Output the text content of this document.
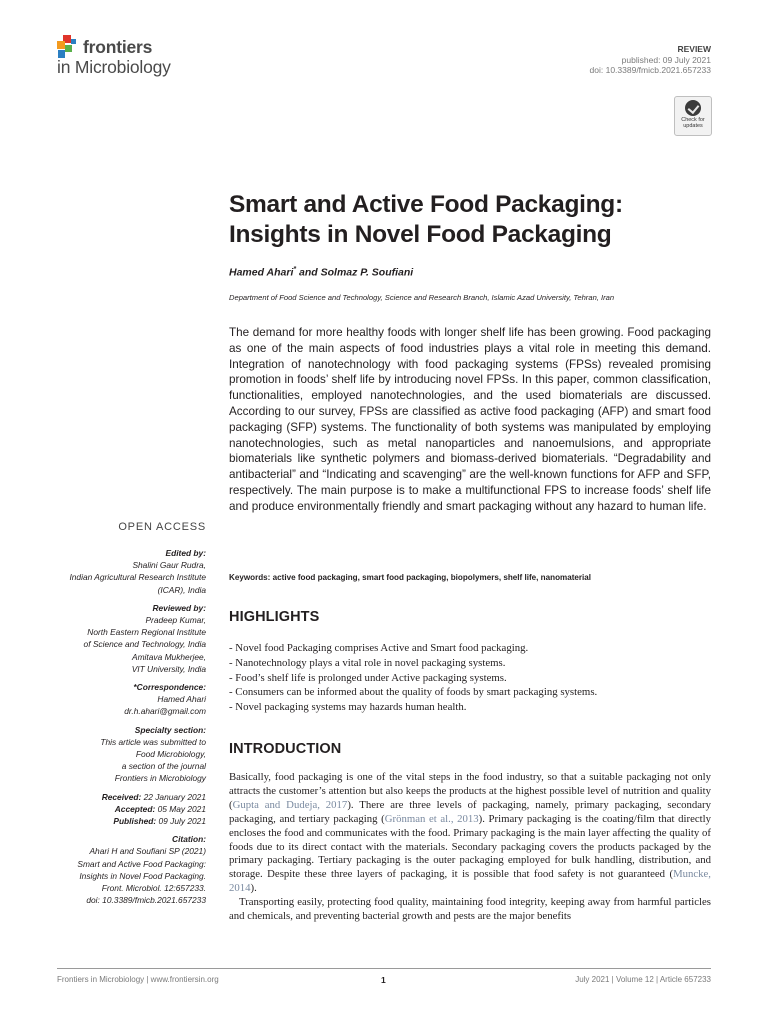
frontiers
in Microbiology
REVIEW
published: 09 July 2021
doi: 10.3389/fmicb.2021.657233
Check for updates
Smart and Active Food Packaging:
Insights in Novel Food Packaging
Hamed Ahari* and Solmaz P. Soufiani
Department of Food Science and Technology, Science and Research Branch, Islamic Azad University, Tehran, Iran
The demand for more healthy foods with longer shelf life has been growing. Food packaging as one of the main aspects of food industries plays a vital role in meeting this demand. Integration of nanotechnology with food packaging systems (FPSs) revealed promising promotion in foods’ shelf life by introducing novel FPSs. In this paper, common classification, functionalities, employed nanotechnologies, and the used biomaterials are discussed. According to our survey, FPSs are classified as active food packaging (AFP) and smart food packaging (SFP) systems. The functionality of both systems was manipulated by employing nanotechnologies, such as metal nanoparticles and nanoemulsions, and appropriate biomaterials like synthetic polymers and biomass-derived biomaterials. “Degradability and antibacterial” and “Indicating and scavenging” are the well-known functions for AFP and SFP, respectively. The main purpose is to make a multifunctional FPS to increase foods’ shelf life and produce environmentally friendly and smart packaging without any hazard to human life.
Keywords: active food packaging, smart food packaging, biopolymers, shelf life, nanomaterial
HIGHLIGHTS
- Novel food Packaging comprises Active and Smart food packaging.
- Nanotechnology plays a vital role in novel packaging systems.
- Food’s shelf life is prolonged under Active packaging systems.
- Consumers can be informed about the quality of foods by smart packaging systems.
- Novel packaging systems may hazards human health.
INTRODUCTION

Basically, food packaging is one of the vital steps in the food industry, so that a suitable packaging not only attracts the customer’s attention but also keeps the products at the highest possible level of nutrition and quality (Gupta and Dudeja, 2017). There are three levels of packaging, namely, primary packaging, secondary packaging, and tertiary packaging (Grönman et al., 2013). Primary packaging is the coating/film that directly encloses the food and communicates with the food. Primary packaging is the main layer affecting the quality of foods due to its direct contact with the materials. Secondary packaging covers the products packaged by the primary packaging. Tertiary packaging is the outer packaging employed for bulk handling, distribution, and storage. Despite these three layers of packaging, it is possible that food safety is not guaranteed (Muncke, 2014).

Transporting easily, protecting food quality, maintaining food integrity, keeping away from harmful particles and chemicals, and preventing bacterial growth and pests are the major benefits

OPEN ACCESS
Edited by:
Shalini Gaur Rudra,
Indian Agricultural Research Institute
(ICAR), India
Reviewed by:
Pradeep Kumar,
North Eastern Regional Institute
of Science and Technology, India
Amitava Mukherjee,
VIT University, India
*Correspondence:
Hamed Ahari
dr.h.ahari@gmail.com
Specialty section:
This article was submitted to
Food Microbiology,
a section of the journal
Frontiers in Microbiology
Received: 22 January 2021
Accepted: 05 May 2021
Published: 09 July 2021
Citation:
Ahari H and Soufiani SP (2021)
Smart and Active Food Packaging:
Insights in Novel Food Packaging.
Front. Microbiol. 12:657233.
doi: 10.3389/fmicb.2021.657233
Frontiers in Microbiology | www.frontiersin.org	1	July 2021 | Volume 12 | Article 657233
